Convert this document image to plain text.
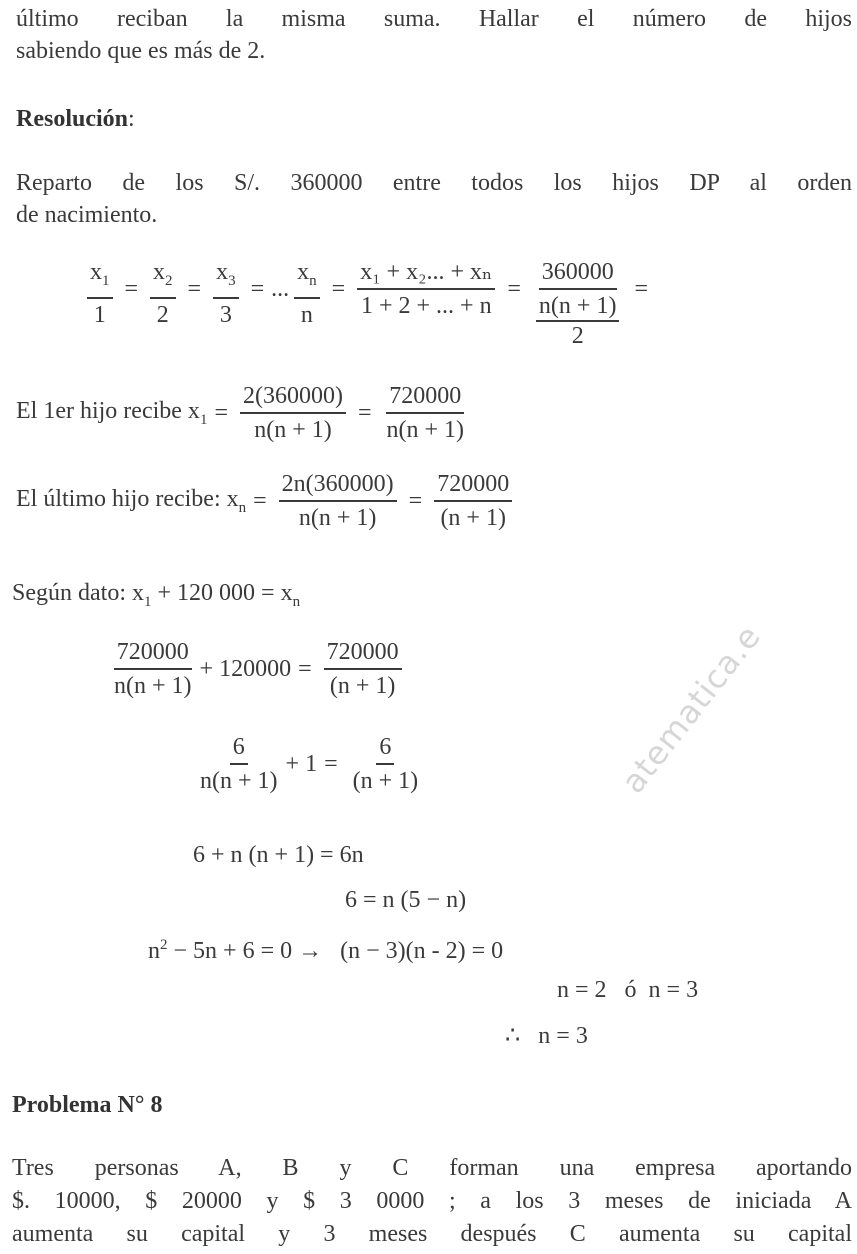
atematica.e
último reciban la misma suma. Hallar el número de hijos
sabiendo que es más de 2.
Resolución:
Reparto de los S/. 360000 entre todos los hijos DP al orden
de nacimiento.
$\frac{x_1}{1} = \frac{x_2}{2} = \frac{x_3}{3}$ = ... $\frac{x_n}{n} = \frac{\text{x₁ + x₂... + xₙ}}{1 + 2 + ... + n} = 360000$
n(n + 1)
2 =
El 1er hijo recibe $x_1 = \frac{2(360000)}{n(n + 1)} = \frac{720000}{n(n + 1)}$
El último hijo recibe: $x_n = \frac{2n(360000)}{n(n + 1)} = \frac{720000}{(n + 1)}$
Según dato: $x_1 + 120$ $000 = x_n$
$\frac{720000}{n(n + 1)} + 120000 = \frac{720000}{(n + 1)}$
$\frac{6}{n(n + 1)} + 1 = \frac{6}{(n + 1)}$
6 + n (n + 1) = 6n
6 = n (5 − n)
$n^2 - 5n + 6 = 0 \to (n - 3)(n - 2) = 0$
n = 2   ó  n = 3
∴ n = 3
Problema N° 8
Tres personas A, B y C forman una empresa aportando
$. 10000, $ 20000 y $ 3 0000 ; a los 3 meses de iniciada A
aumenta su capital y 3 meses después C aumenta su capital
